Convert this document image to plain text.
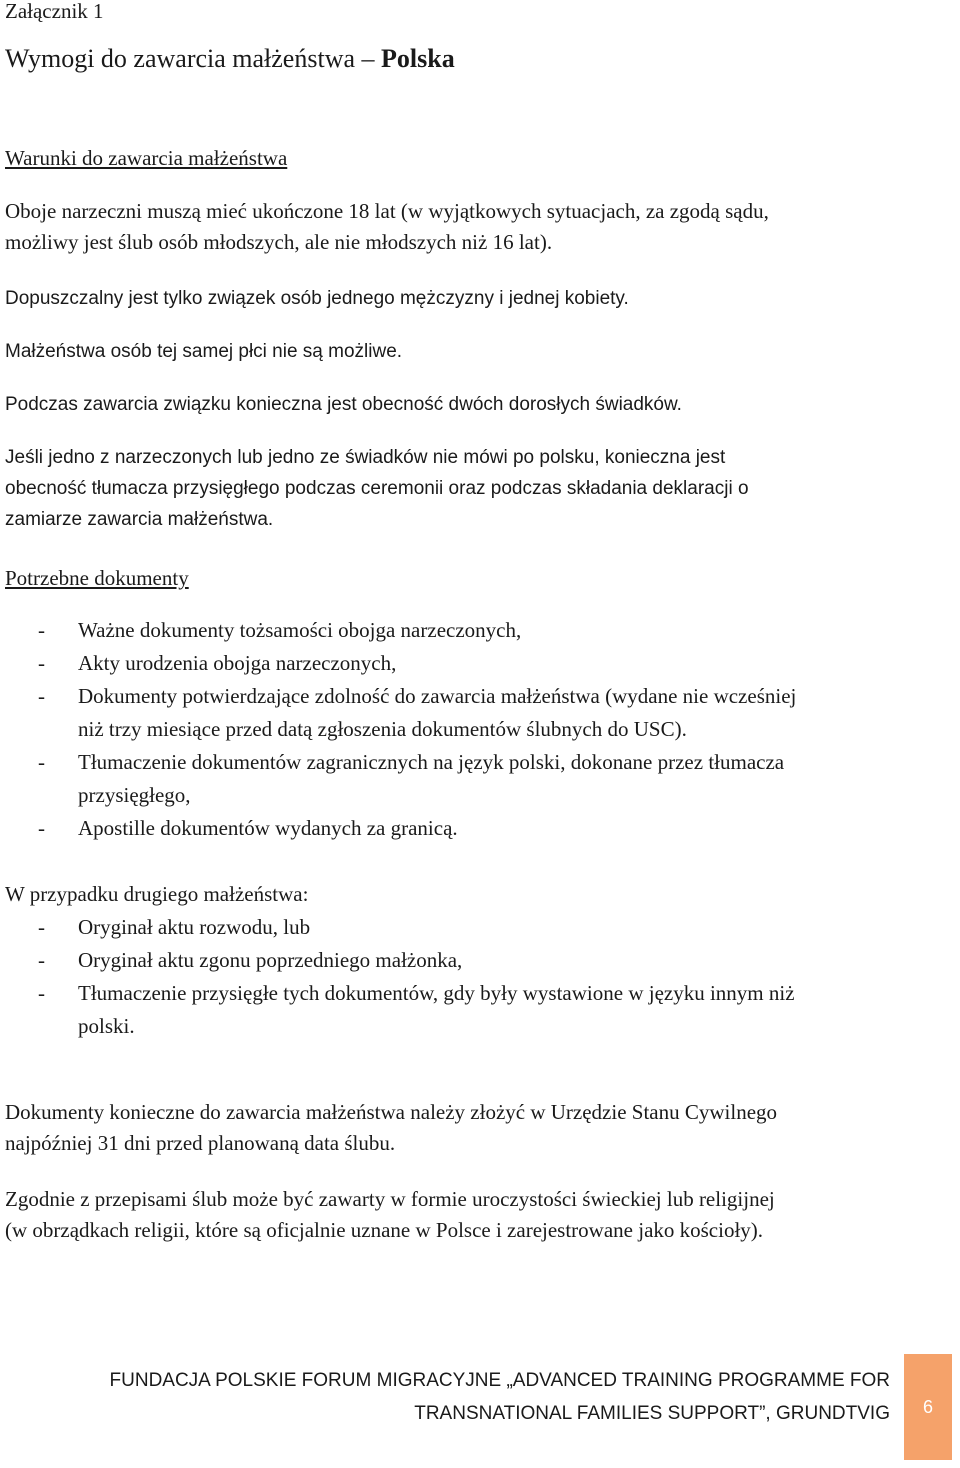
Załącznik 1
Wymogi do zawarcia małżeństwa – Polska
Warunki do zawarcia małżeństwa
Oboje narzeczni muszą mieć ukończone 18 lat (w wyjątkowych sytuacjach, za zgodą sądu,
możliwy jest ślub osób młodszych, ale nie młodszych niż 16 lat).
Dopuszczalny jest tylko związek osób jednego mężczyzny i jednej kobiety.
Małżeństwa osób tej samej płci nie są możliwe.
Podczas zawarcia związku konieczna jest obecność dwóch dorosłych świadków.
Jeśli jedno z narzeczonych lub jedno ze świadków nie mówi po polsku, konieczna jest
obecność tłumacza przysięgłego podczas ceremonii oraz podczas składania deklaracji o
zamiarze zawarcia małżeństwa.
Potrzebne dokumenty
- Ważne dokumenty tożsamości obojga narzeczonych,
- Akty urodzenia obojga narzeczonych,
- Dokumenty potwierdzające zdolność do zawarcia małżeństwa (wydane nie wcześniej
niż trzy miesiące przed datą zgłoszenia dokumentów ślubnych do USC).
- Tłumaczenie dokumentów zagranicznych na język polski, dokonane przez tłumacza
przysięgłego,
- Apostille dokumentów wydanych za granicą.
W przypadku drugiego małżeństwa:
- Oryginał aktu rozwodu, lub
- Oryginał aktu zgonu poprzedniego małżonka,
- Tłumaczenie przysięgłe tych dokumentów, gdy były wystawione w języku innym niż
polski.
Dokumenty konieczne do zawarcia małżeństwa należy złożyć w Urzędzie Stanu Cywilnego
najpóźniej 31 dni przed planowaną data ślubu.
Zgodnie z przepisami ślub może być zawarty w formie uroczystości świeckiej lub religijnej
(w obrządkach religii, które są oficjalnie uznane w Polsce i zarejestrowane jako kościoły).
FUNDACJA POLSKIE FORUM MIGRACYJNE „ADVANCED TRAINING PROGRAMME FOR
TRANSNATIONAL FAMILIES SUPPORT”, GRUNDTVIG	6
